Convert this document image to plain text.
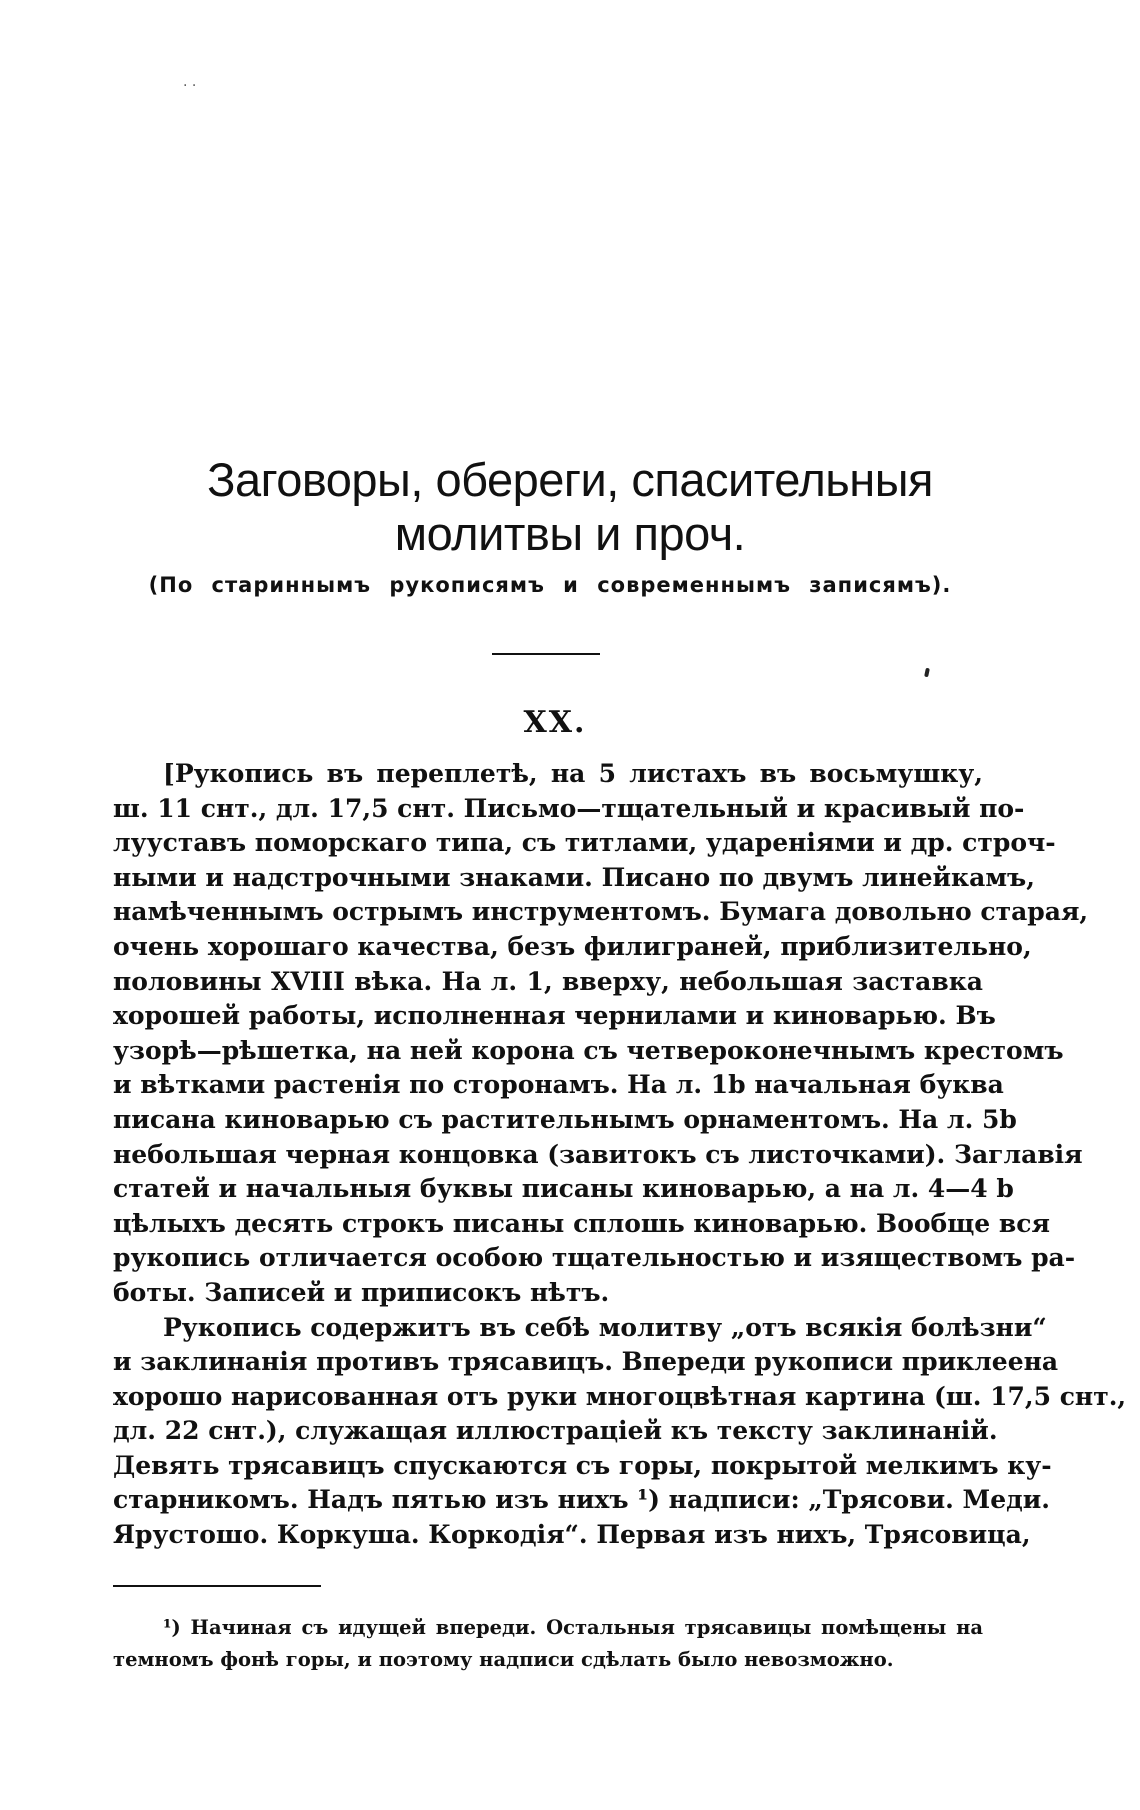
· ·
Заговоры, обереги, спасительныя
молитвы и проч.
(По стариннымъ рукописямъ и современнымъ записямъ).
XX.
[Рукопись въ переплетѣ, на 5 листахъ въ восьмушку,
ш. 11 снт., дл. 17,5 снт. Письмо—тщательный и красивый по-
лууставъ поморскаго типа, съ титлами, удареніями и др. строч-
ными и надстрочными знаками. Писано по двумъ линейкамъ,
намѣченнымъ острымъ инструментомъ. Бумага довольно старая,
очень хорошаго качества, безъ филиграней, приблизительно,
половины XVIII вѣка. На л. 1, вверху, небольшая заставка
хорошей работы, исполненная чернилами и киноварью. Въ
узорѣ—рѣшетка, на ней корона съ четвероконечнымъ крестомъ
и вѣтками растенія по сторонамъ. На л. 1b начальная буква
писана киноварью съ растительнымъ орнаментомъ. На л. 5b
небольшая черная концовка (завитокъ съ листочками). Заглавія
статей и начальныя буквы писаны киноварью, а на л. 4—4 b
цѣлыхъ десять строкъ писаны сплошь киноварью. Вообще вся
рукопись отличается особою тщательностью и изяществомъ ра-
боты. Записей и приписокъ нѣтъ.
Рукопись содержитъ въ себѣ молитву „отъ всякія болѣзни“
и заклинанія противъ трясавицъ. Впереди рукописи приклеена
хорошо нарисованная отъ руки многоцвѣтная картина (ш. 17,5 снт.,
дл. 22 снт.), служащая иллюстраціей къ тексту заклинаній.
Девять трясавицъ спускаются съ горы, покрытой мелкимъ ку-
старникомъ. Надъ пятью изъ нихъ ¹) надписи: „Трясови. Меди.
Ярустошо. Коркуша. Коркодія“. Первая изъ нихъ, Трясовица,
¹) Начиная съ идущей впереди. Остальныя трясавицы помѣщены на
темномъ фонѣ горы, и поэтому надписи сдѣлать было невозможно.
